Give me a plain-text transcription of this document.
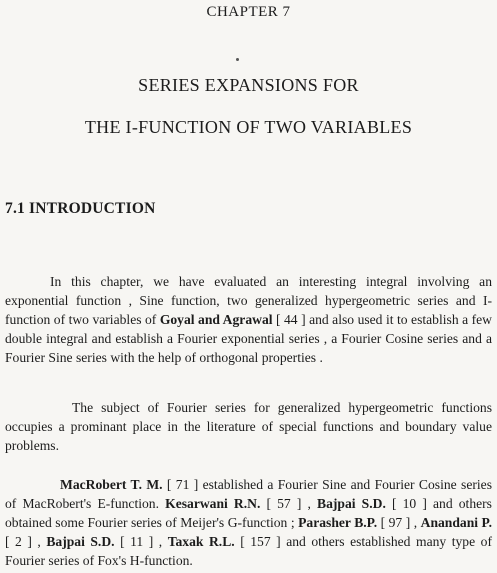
CHAPTER 7
SERIES EXPANSIONS FOR
THE I-FUNCTION OF TWO VARIABLES
7.1 INTRODUCTION
In this chapter, we have evaluated an interesting integral involving an exponential function , Sine function, two generalized hypergeometric series and I-function of two variables of Goyal and Agrawal [ 44 ] and also used it to establish a few double integral and establish a Fourier exponential series , a Fourier Cosine series and a Fourier Sine series with the help of orthogonal properties .
The subject of Fourier series for generalized hypergeometric functions occupies a prominant place in the literature of special functions and boundary value problems.
MacRobert T. M. [ 71 ] established a Fourier Sine and Fourier Cosine series of MacRobert's E-function. Kesarwani R.N. [ 57 ] , Bajpai S.D. [ 10 ] and others obtained some Fourier series of Meijer's G-function ; Parasher B.P. [ 97 ] , Anandani P. [ 2 ] , Bajpai S.D. [ 11 ] , Taxak R.L. [ 157 ] and others established many type of Fourier series of Fox's H-function.
